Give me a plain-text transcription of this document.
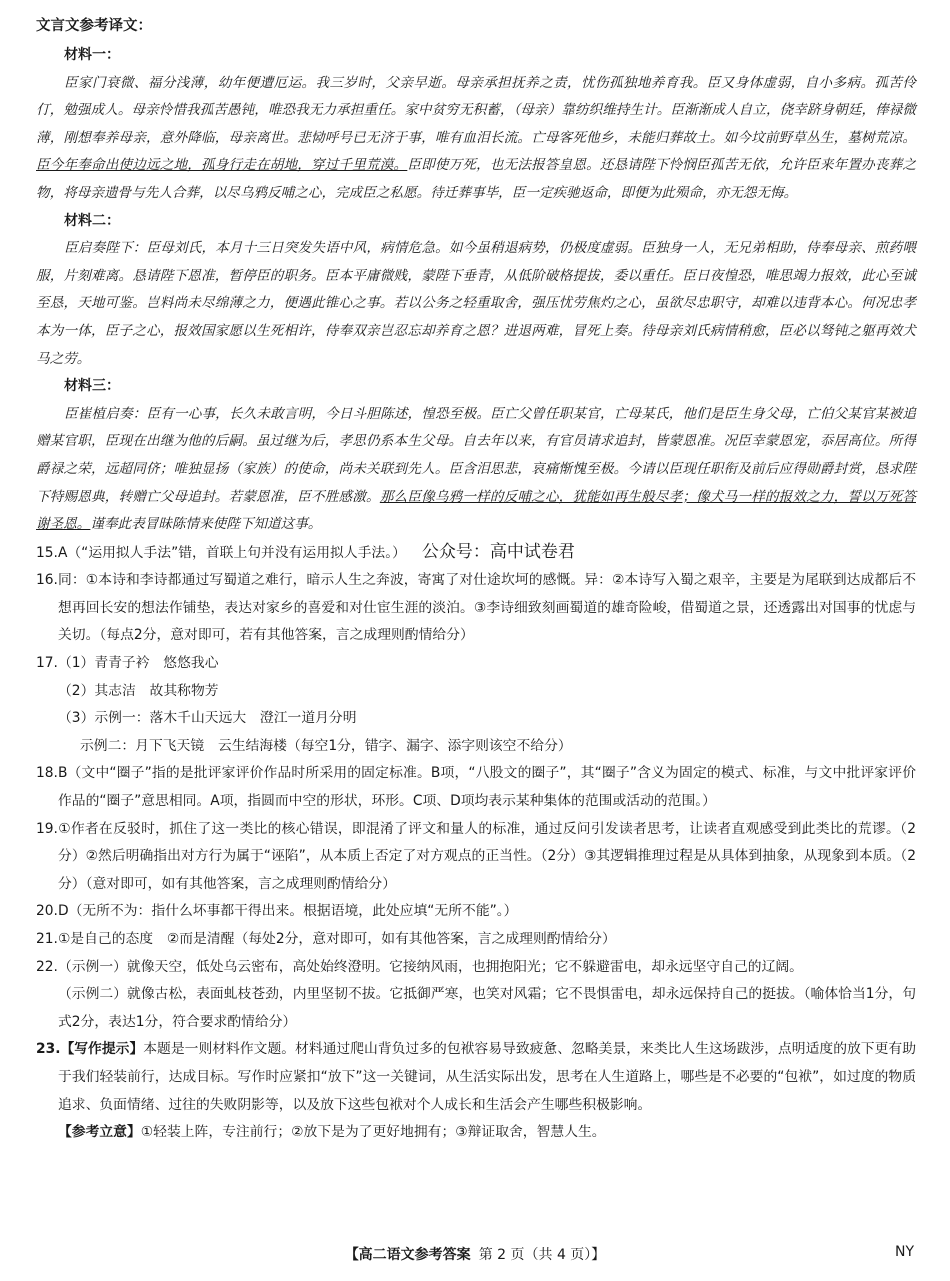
文言文参考译文：
材料一：
臣家门衰微、福分浅薄，幼年便遭厄运。我三岁时，父亲早逝。母亲承担抚养之责，忧伤孤独地养育我。臣又身体虚弱，自小多病。孤苦伶仃，勉强成人。母亲怜惜我孤苦愚钝，唯恐我无力承担重任。家中贫穷无积蓄，（母亲）靠纺织维持生计。臣渐渐成人自立，侥幸跻身朝廷，俸禄微薄，刚想奉养母亲，意外降临，母亲离世。悲恸呼号已无济于事，唯有血泪长流。亡母客死他乡，未能归葬故土。如今坟前野草丛生，墓树荒凉。臣今年奉命出使边远之地，孤身行走在胡地，穿过千里荒漠。臣即使万死，也无法报答皇恩。还恳请陛下怜悯臣孤苦无依，允许臣来年置办丧葬之物，将母亲遗骨与先人合葬，以尽乌鸦反哺之心，完成臣之私愿。待迁葬事毕，臣一定疾驰返命，即便为此殒命，亦无怨无悔。
材料二：
臣启奏陛下：臣母刘氏，本月十三日突发失语中风，病情危急。如今虽稍退病势，仍极度虚弱。臣独身一人，无兄弟相助，侍奉母亲、煎药喂服，片刻难离。恳请陛下恩准，暂停臣的职务。臣本平庸微贱，蒙陛下垂青，从低阶破格提拔，委以重任。臣日夜惶恐，唯思竭力报效，此心至诚至恳，天地可鉴。岂料尚未尽绵薄之力，便遇此锥心之事。若以公务之轻重取舍，强压忧劳焦灼之心，虽欲尽忠职守，却难以违背本心。何况忠孝本为一体，臣子之心，报效国家愿以生死相许，侍奉双亲岂忍忘却养育之恩？进退两难，冒死上奏。待母亲刘氏病情稍愈，臣必以驽钝之躯再效犬马之劳。
材料三：
臣崔植启奏：臣有一心事，长久未敢言明，今日斗胆陈述，惶恐至极。臣亡父曾任职某官，亡母某氏，他们是臣生身父母，亡伯父某官某被追赠某官职，臣现在出继为他的后嗣。虽过继为后，孝思仍系本生父母。自去年以来，有官员请求追封，皆蒙恩准。况臣幸蒙恩宠，忝居高位。所得爵禄之荣，远超同侪；唯独显扬（家族）的使命，尚未关联到先人。臣含泪思悲，哀痛惭愧至极。今请以臣现任职衔及前后应得勋爵封赏，恳求陛下特赐恩典，转赠亡父母追封。若蒙恩准，臣不胜感激。那么臣像乌鸦一样的反哺之心，犹能如再生般尽孝；像犬马一样的报效之力，誓以万死答谢圣恩。谨奉此表冒昧陈情来使陛下知道这事。
15.A（“运用拟人手法”错，首联上句并没有运用拟人手法。） 公众号：高中试卷君
16.同：①本诗和李诗都通过写蜀道之难行，暗示人生之奔波，寄寓了对仕途坎坷的感慨。异：②本诗写入蜀之艰辛，主要是为尾联到达成都后不想再回长安的想法作铺垫，表达对家乡的喜爱和对仕宦生涯的淡泊。③李诗细致刻画蜀道的雄奇险峻，借蜀道之景，还透露出对国事的忧虑与关切。（每点2分，意对即可，若有其他答案，言之成理则酌情给分）
17.（1）青青子衿　悠悠我心
（2）其志洁　故其称物芳
（3）示例一：落木千山天远大　澄江一道月分明
示例二：月下飞天镜　云生结海楼（每空1分，错字、漏字、添字则该空不给分）
18.B（文中“圈子”指的是批评家评价作品时所采用的固定标准。B项，“八股文的圈子”，其“圈子”含义为固定的模式、标准，与文中批评家评价作品的“圈子”意思相同。A项，指圆而中空的形状，环形。C项、D项均表示某种集体的范围或活动的范围。）
19.①作者在反驳时，抓住了这一类比的核心错误，即混淆了评文和量人的标准，通过反问引发读者思考，让读者直观感受到此类比的荒谬。（2分）②然后明确指出对方行为属于“诬陷”，从本质上否定了对方观点的正当性。（2分）③其逻辑推理过程是从具体到抽象，从现象到本质。（2分）（意对即可，如有其他答案，言之成理则酌情给分）
20.D（无所不为：指什么坏事都干得出来。根据语境，此处应填“无所不能”。）
21.①是自己的态度　②而是清醒（每处2分，意对即可，如有其他答案，言之成理则酌情给分）
22.（示例一）就像天空，低处乌云密布，高处始终澄明。它接纳风雨，也拥抱阳光；它不躲避雷电，却永远坚守自己的辽阔。
（示例二）就像古松，表面虬枝苍劲，内里坚韧不拔。它抵御严寒，也笑对风霜；它不畏惧雷电，却永远保持自己的挺拔。（喻体恰当1分，句式2分，表达1分，符合要求酌情给分）
23.【写作提示】本题是一则材料作文题。材料通过爬山背负过多的包袱容易导致疲惫、忽略美景，来类比人生这场跋涉，点明适度的放下更有助于我们轻装前行，达成目标。写作时应紧扣“放下”这一关键词，从生活实际出发，思考在人生道路上，哪些是不必要的“包袱”，如过度的物质追求、负面情绪、过往的失败阴影等，以及放下这些包袱对个人成长和生活会产生哪些积极影响。
【参考立意】①轻装上阵，专注前行；②放下是为了更好地拥有；③辩证取舍，智慧人生。
【高二语文参考答案 第 2 页（共 4 页）】	NY
